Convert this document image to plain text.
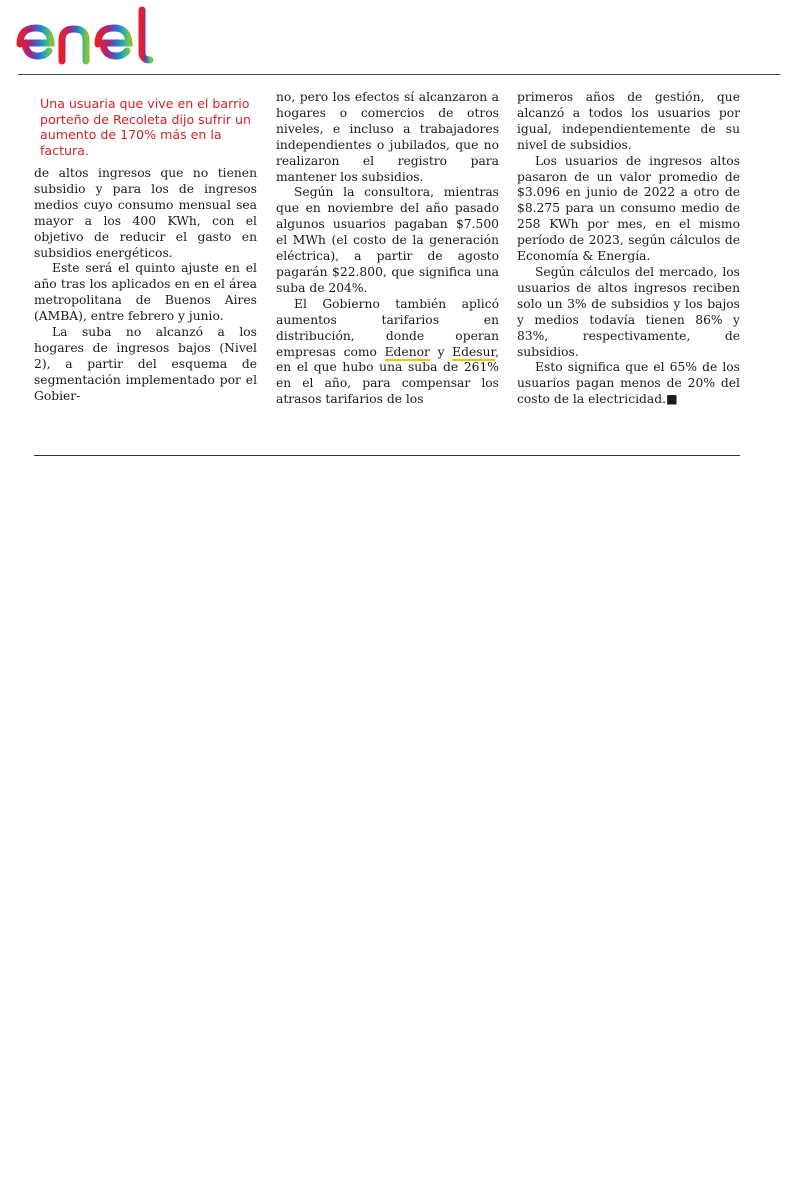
Una usuaria que vive en el barrio porteño de Recoleta dijo sufrir un aumento de 170% más en la factura.

de altos ingresos que no tienen subsidio y para los de ingresos medios cuyo consumo mensual sea mayor a los 400 KWh, con el objetivo de reducir el gasto en subsidios energéticos.

Este será el quinto ajuste en el año tras los aplicados en en el área metropolitana de Buenos Aires (AMBA), entre febrero y junio.

La suba no alcanzó a los hogares de ingresos bajos (Nivel 2), a partir del esquema de segmentación implementado por el Gobier-

no, pero los efectos sí alcanzaron a hogares o comercios de otros niveles, e incluso a trabajadores independientes o jubilados, que no realizaron el registro para mantener los subsidios.

Según la consultora, mientras que en noviembre del año pasado algunos usuarios pagaban $7.500 el MWh (el costo de la generación eléctrica), a partir de agosto pagarán $22.800, que significa una suba de 204%.

El Gobierno también aplicó aumentos tarifarios en distribución, donde operan empresas como Edenor y Edesur, en el que hubo una suba de 261% en el año, para compensar los atrasos tarifarios de los

primeros años de gestión, que alcanzó a todos los usuarios por igual, independientemente de su nivel de subsidios.

Los usuarios de ingresos altos pasaron de un valor promedio de $3.096 en junio de 2022 a otro de $8.275 para un consumo medio de 258 KWh por mes, en el mismo período de 2023, según cálculos de Economía & Energía.

Según cálculos del mercado, los usuarios de altos ingresos reciben solo un 3% de subsidios y los bajos y medios todavía tienen 86% y 83%, respectivamente, de subsidios.

Esto significa que el 65% de los usuarios pagan menos de 20% del costo de la electricidad.■
